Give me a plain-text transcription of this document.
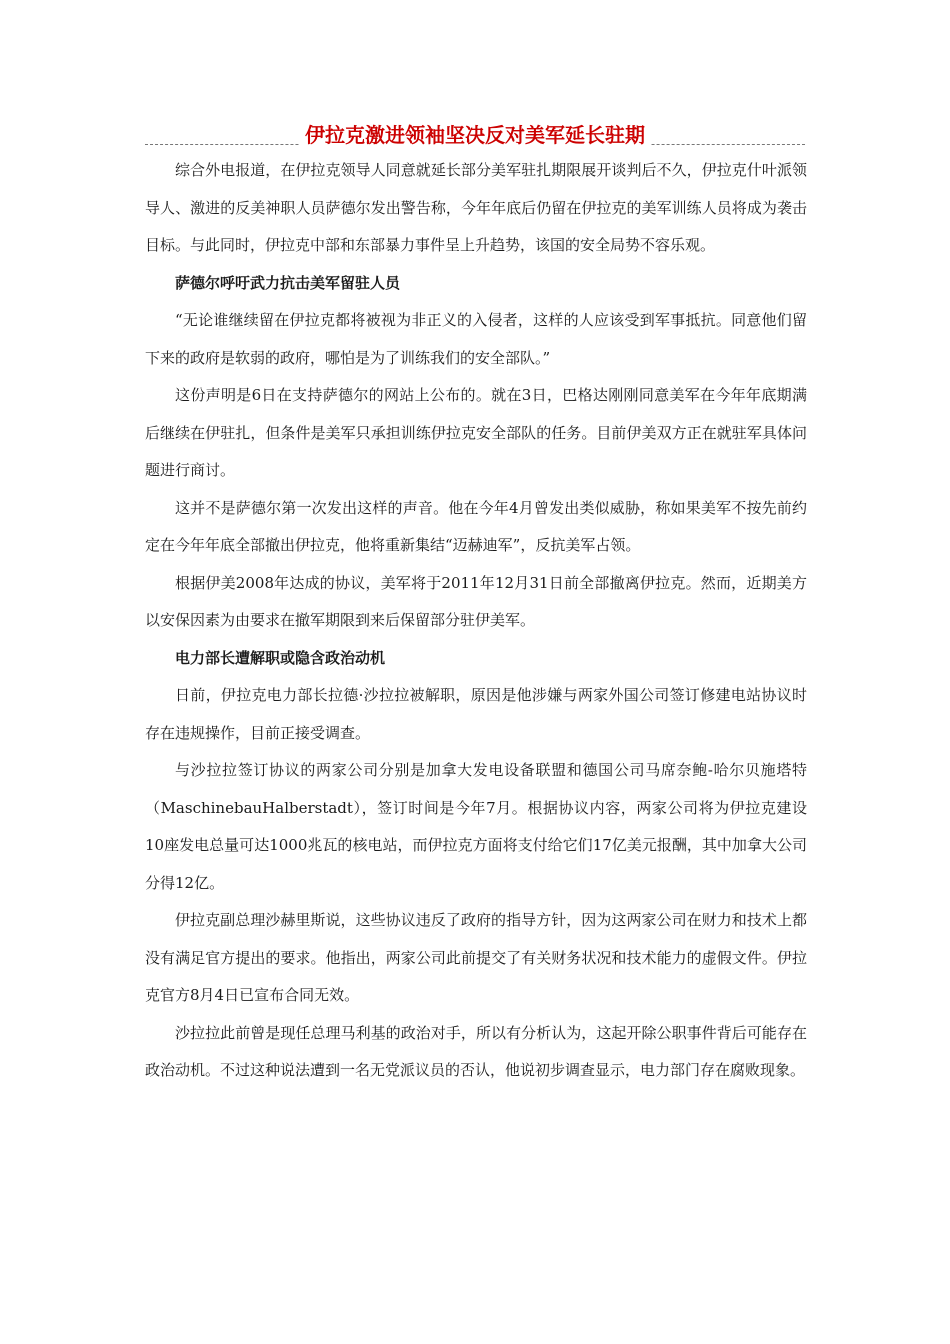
伊拉克激进领袖坚决反对美军延长驻期

综合外电报道，在伊拉克领导人同意就延长部分美军驻扎期限展开谈判后不久，伊拉克什叶派领导人、激进的反美神职人员萨德尔发出警告称，今年年底后仍留在伊拉克的美军训练人员将成为袭击目标。与此同时，伊拉克中部和东部暴力事件呈上升趋势，该国的安全局势不容乐观。

萨德尔呼吁武力抗击美军留驻人员

“无论谁继续留在伊拉克都将被视为非正义的入侵者，这样的人应该受到军事抵抗。同意他们留下来的政府是软弱的政府，哪怕是为了训练我们的安全部队。”

这份声明是6日在支持萨德尔的网站上公布的。就在3日，巴格达刚刚同意美军在今年年底期满后继续在伊驻扎，但条件是美军只承担训练伊拉克安全部队的任务。目前伊美双方正在就驻军具体问题进行商讨。

这并不是萨德尔第一次发出这样的声音。他在今年4月曾发出类似威胁，称如果美军不按先前约定在今年年底全部撤出伊拉克，他将重新集结“迈赫迪军”，反抗美军占领。

根据伊美2008年达成的协议，美军将于2011年12月31日前全部撤离伊拉克。然而，近期美方以安保因素为由要求在撤军期限到来后保留部分驻伊美军。

电力部长遭解职或隐含政治动机

日前，伊拉克电力部长拉德·沙拉拉被解职，原因是他涉嫌与两家外国公司签订修建电站协议时存在违规操作，目前正接受调查。

与沙拉拉签订协议的两家公司分别是加拿大发电设备联盟和德国公司马席奈鲍-哈尔贝施塔特（MaschinebauHalberstadt），签订时间是今年7月。根据协议内容，两家公司将为伊拉克建设10座发电总量可达1000兆瓦的核电站，而伊拉克方面将支付给它们17亿美元报酬，其中加拿大公司分得12亿。

伊拉克副总理沙赫里斯说，这些协议违反了政府的指导方针，因为这两家公司在财力和技术上都没有满足官方提出的要求。他指出，两家公司此前提交了有关财务状况和技术能力的虚假文件。伊拉克官方8月4日已宣布合同无效。

沙拉拉此前曾是现任总理马利基的政治对手，所以有分析认为，这起开除公职事件背后可能存在政治动机。不过这种说法遭到一名无党派议员的否认，他说初步调查显示，电力部门存在腐败现象。
